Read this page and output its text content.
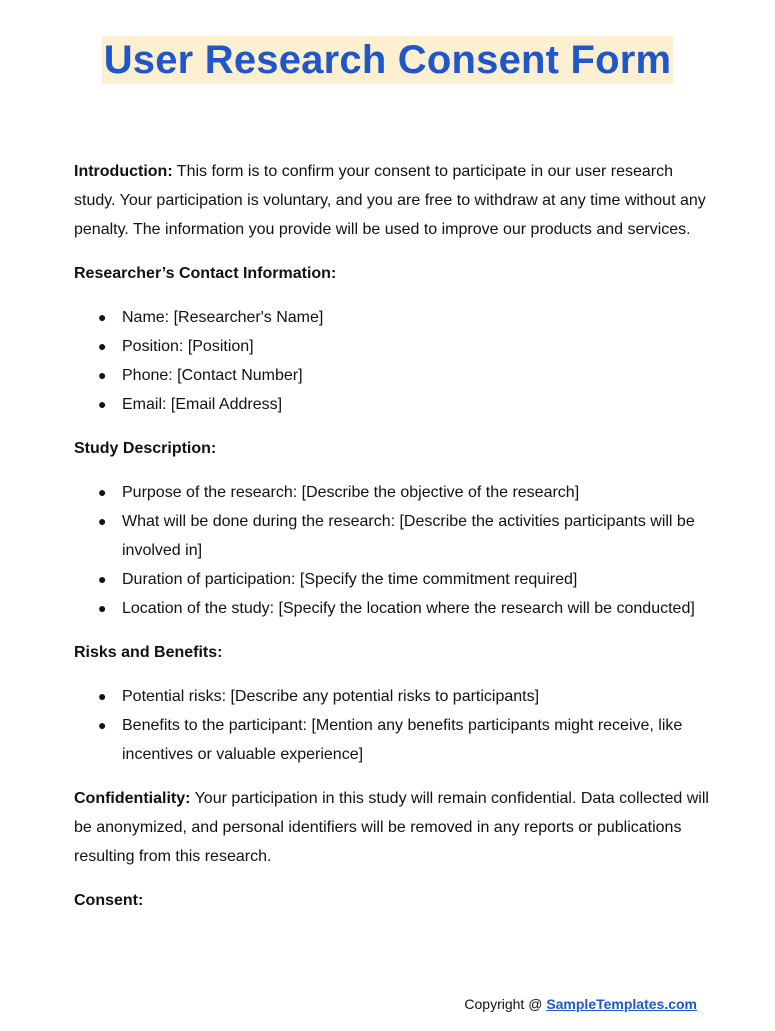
User Research Consent Form

Introduction: This form is to confirm your consent to participate in our user research study. Your participation is voluntary, and you are free to withdraw at any time without any penalty. The information you provide will be used to improve our products and services.

Researcher’s Contact Information:

● Name: [Researcher's Name]
● Position: [Position]
● Phone: [Contact Number]
● Email: [Email Address]

Study Description:

● Purpose of the research: [Describe the objective of the research]
● What will be done during the research: [Describe the activities participants will be involved in]
● Duration of participation: [Specify the time commitment required]
● Location of the study: [Specify the location where the research will be conducted]

Risks and Benefits:

● Potential risks: [Describe any potential risks to participants]
● Benefits to the participant: [Mention any benefits participants might receive, like incentives or valuable experience]

Confidentiality: Your participation in this study will remain confidential. Data collected will be anonymized, and personal identifiers will be removed in any reports or publications resulting from this research.

Consent:

Copyright @ SampleTemplates.com
